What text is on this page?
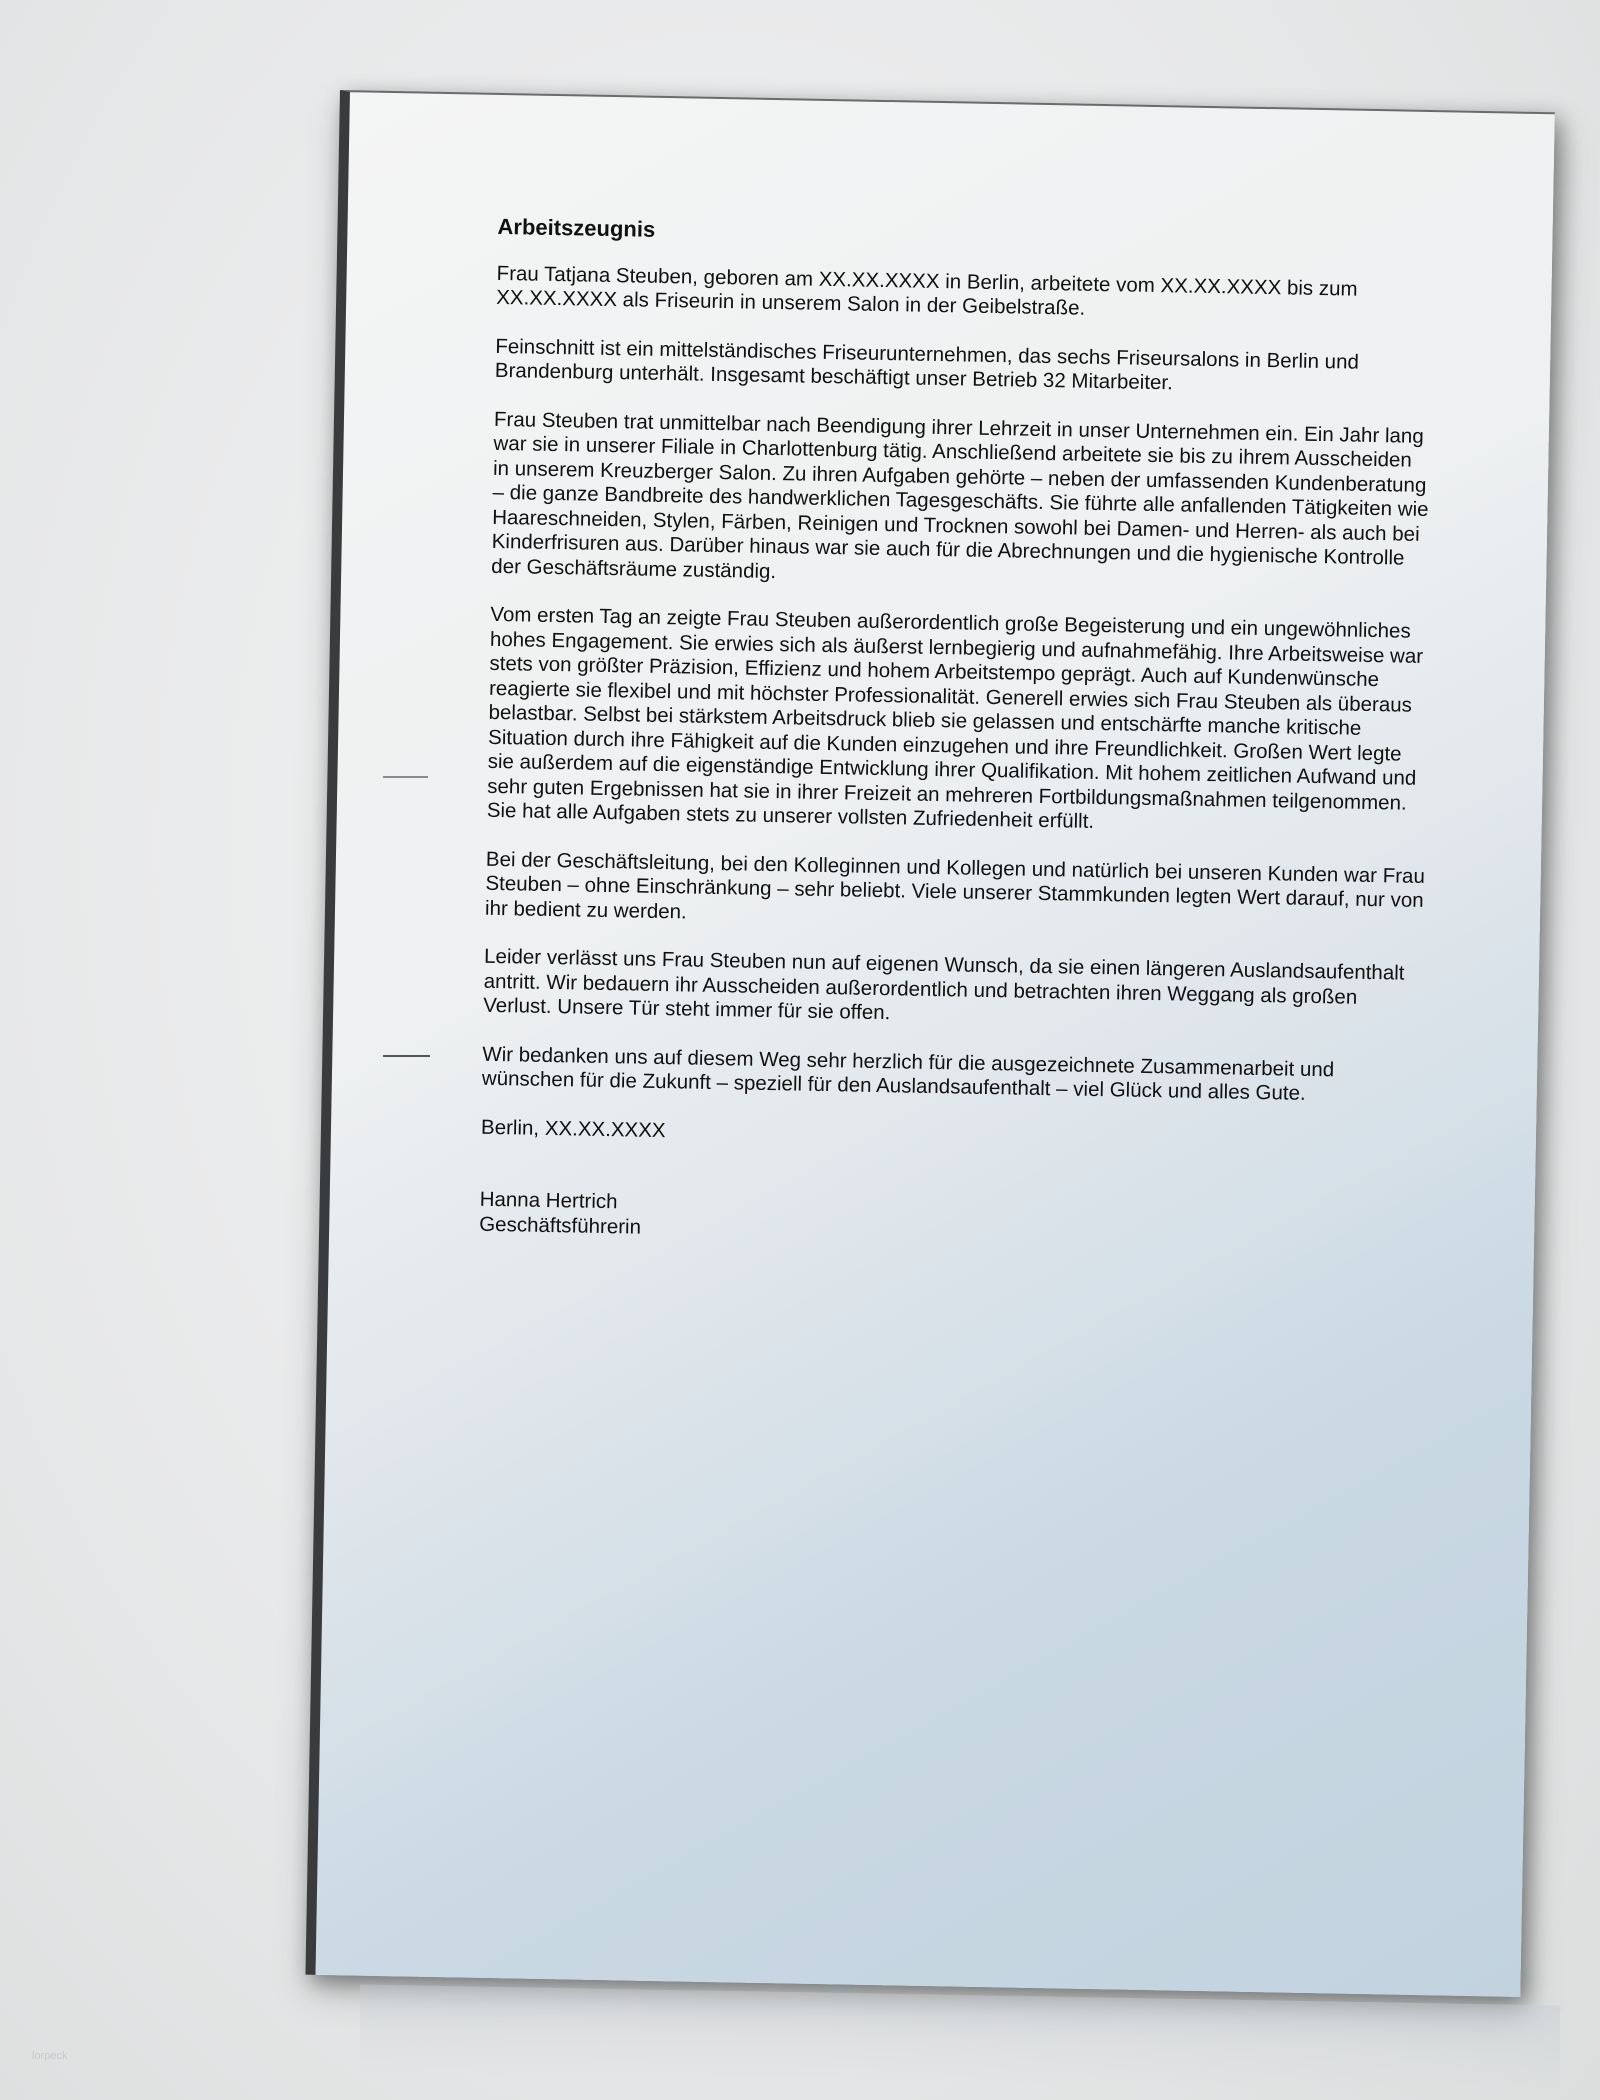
Arbeitszeugnis

Frau Tatjana Steuben, geboren am XX.XX.XXXX in Berlin, arbeitete vom XX.XX.XXXX bis zum XX.XX.XXXX als Friseurin in unserem Salon in der Geibelstraße.

Feinschnitt ist ein mittelständisches Friseurunternehmen, das sechs Friseursalons in Berlin und Brandenburg unterhält. Insgesamt beschäftigt unser Betrieb 32 Mitarbeiter.

Frau Steuben trat unmittelbar nach Beendigung ihrer Lehrzeit in unser Unternehmen ein. Ein Jahr lang war sie in unserer Filiale in Charlottenburg tätig. Anschließend arbeitete sie bis zu ihrem Ausscheiden in unserem Kreuzberger Salon. Zu ihren Aufgaben gehörte – neben der umfassenden Kundenberatung – die ganze Bandbreite des handwerklichen Tagesgeschäfts. Sie führte alle anfallenden Tätigkeiten wie Haareschneiden, Stylen, Färben, Reinigen und Trocknen sowohl bei Damen- und Herren- als auch bei Kinderfrisuren aus. Darüber hinaus war sie auch für die Abrechnungen und die hygienische Kontrolle der Geschäftsräume zuständig.

Vom ersten Tag an zeigte Frau Steuben außerordentlich große Begeisterung und ein ungewöhnliches hohes Engagement. Sie erwies sich als äußerst lernbegierig und aufnahmefähig. Ihre Arbeitsweise war stets von größter Präzision, Effizienz und hohem Arbeitstempo geprägt. Auch auf Kundenwünsche reagierte sie flexibel und mit höchster Professionalität. Generell erwies sich Frau Steuben als überaus belastbar. Selbst bei stärkstem Arbeitsdruck blieb sie gelassen und entschärfte manche kritische Situation durch ihre Fähigkeit auf die Kunden einzugehen und ihre Freundlichkeit. Großen Wert legte sie außerdem auf die eigenständige Entwicklung ihrer Qualifikation. Mit hohem zeitlichen Aufwand und sehr guten Ergebnissen hat sie in ihrer Freizeit an mehreren Fortbildungsmaßnahmen teilgenommen. Sie hat alle Aufgaben stets zu unserer vollsten Zufriedenheit erfüllt.

Bei der Geschäftsleitung, bei den Kolleginnen und Kollegen und natürlich bei unseren Kunden war Frau Steuben – ohne Einschränkung – sehr beliebt. Viele unserer Stammkunden legten Wert darauf, nur von ihr bedient zu werden.

Leider verlässt uns Frau Steuben nun auf eigenen Wunsch, da sie einen längeren Auslandsaufenthalt antritt. Wir bedauern ihr Ausscheiden außerordentlich und betrachten ihren Weggang als großen Verlust. Unsere Tür steht immer für sie offen.

Wir bedanken uns auf diesem Weg sehr herzlich für die ausgezeichnete Zusammenarbeit und wünschen für die Zukunft – speziell für den Auslandsaufenthalt – viel Glück und alles Gute.

Berlin, XX.XX.XXXX
Hanna Hertrich
Geschäftsführerin
lorpeck
